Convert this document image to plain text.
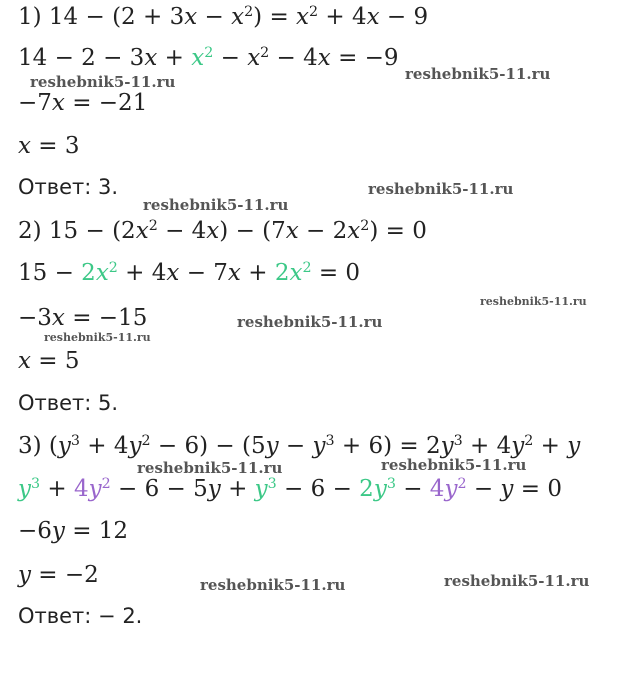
1) $14 - (2 + 3x - x^2) = x^2 + 4x - 9$
$14 - 2 - 3x + x^2 - x^2 - 4x = -9$
−7x = −21
x = 3
Ответ: 3.
2) $15 - (2x^2 - 4x) - (7x - 2x^2) = 0$
$15 - 2x^2 + 4x - 7x + 2x^2 = 0$
−3x = −15
x = 5
Ответ: 5.
3) $(y^3 + 4y^2 - 6) - (5y - y^3 + 6) = 2y^3 + 4y^2 + y$
$y^3 + 4y^2 - 6 - 5y + y^3 - 6 - 2y^3 - 4y^2 - y = 0$
−6y = 12
y = −2
Ответ: − 2.
reshebnik5-11.ru	reshebnik5-11.ru
reshebnik5-11.ru
reshebnik5-11.ru
reshebnik5-11.ru
reshebnik5-11.ru
reshebnik5-11.ru
reshebnik5-11.ru	reshebnik5-11.ru
reshebnik5-11.ru	reshebnik5-11.ru
